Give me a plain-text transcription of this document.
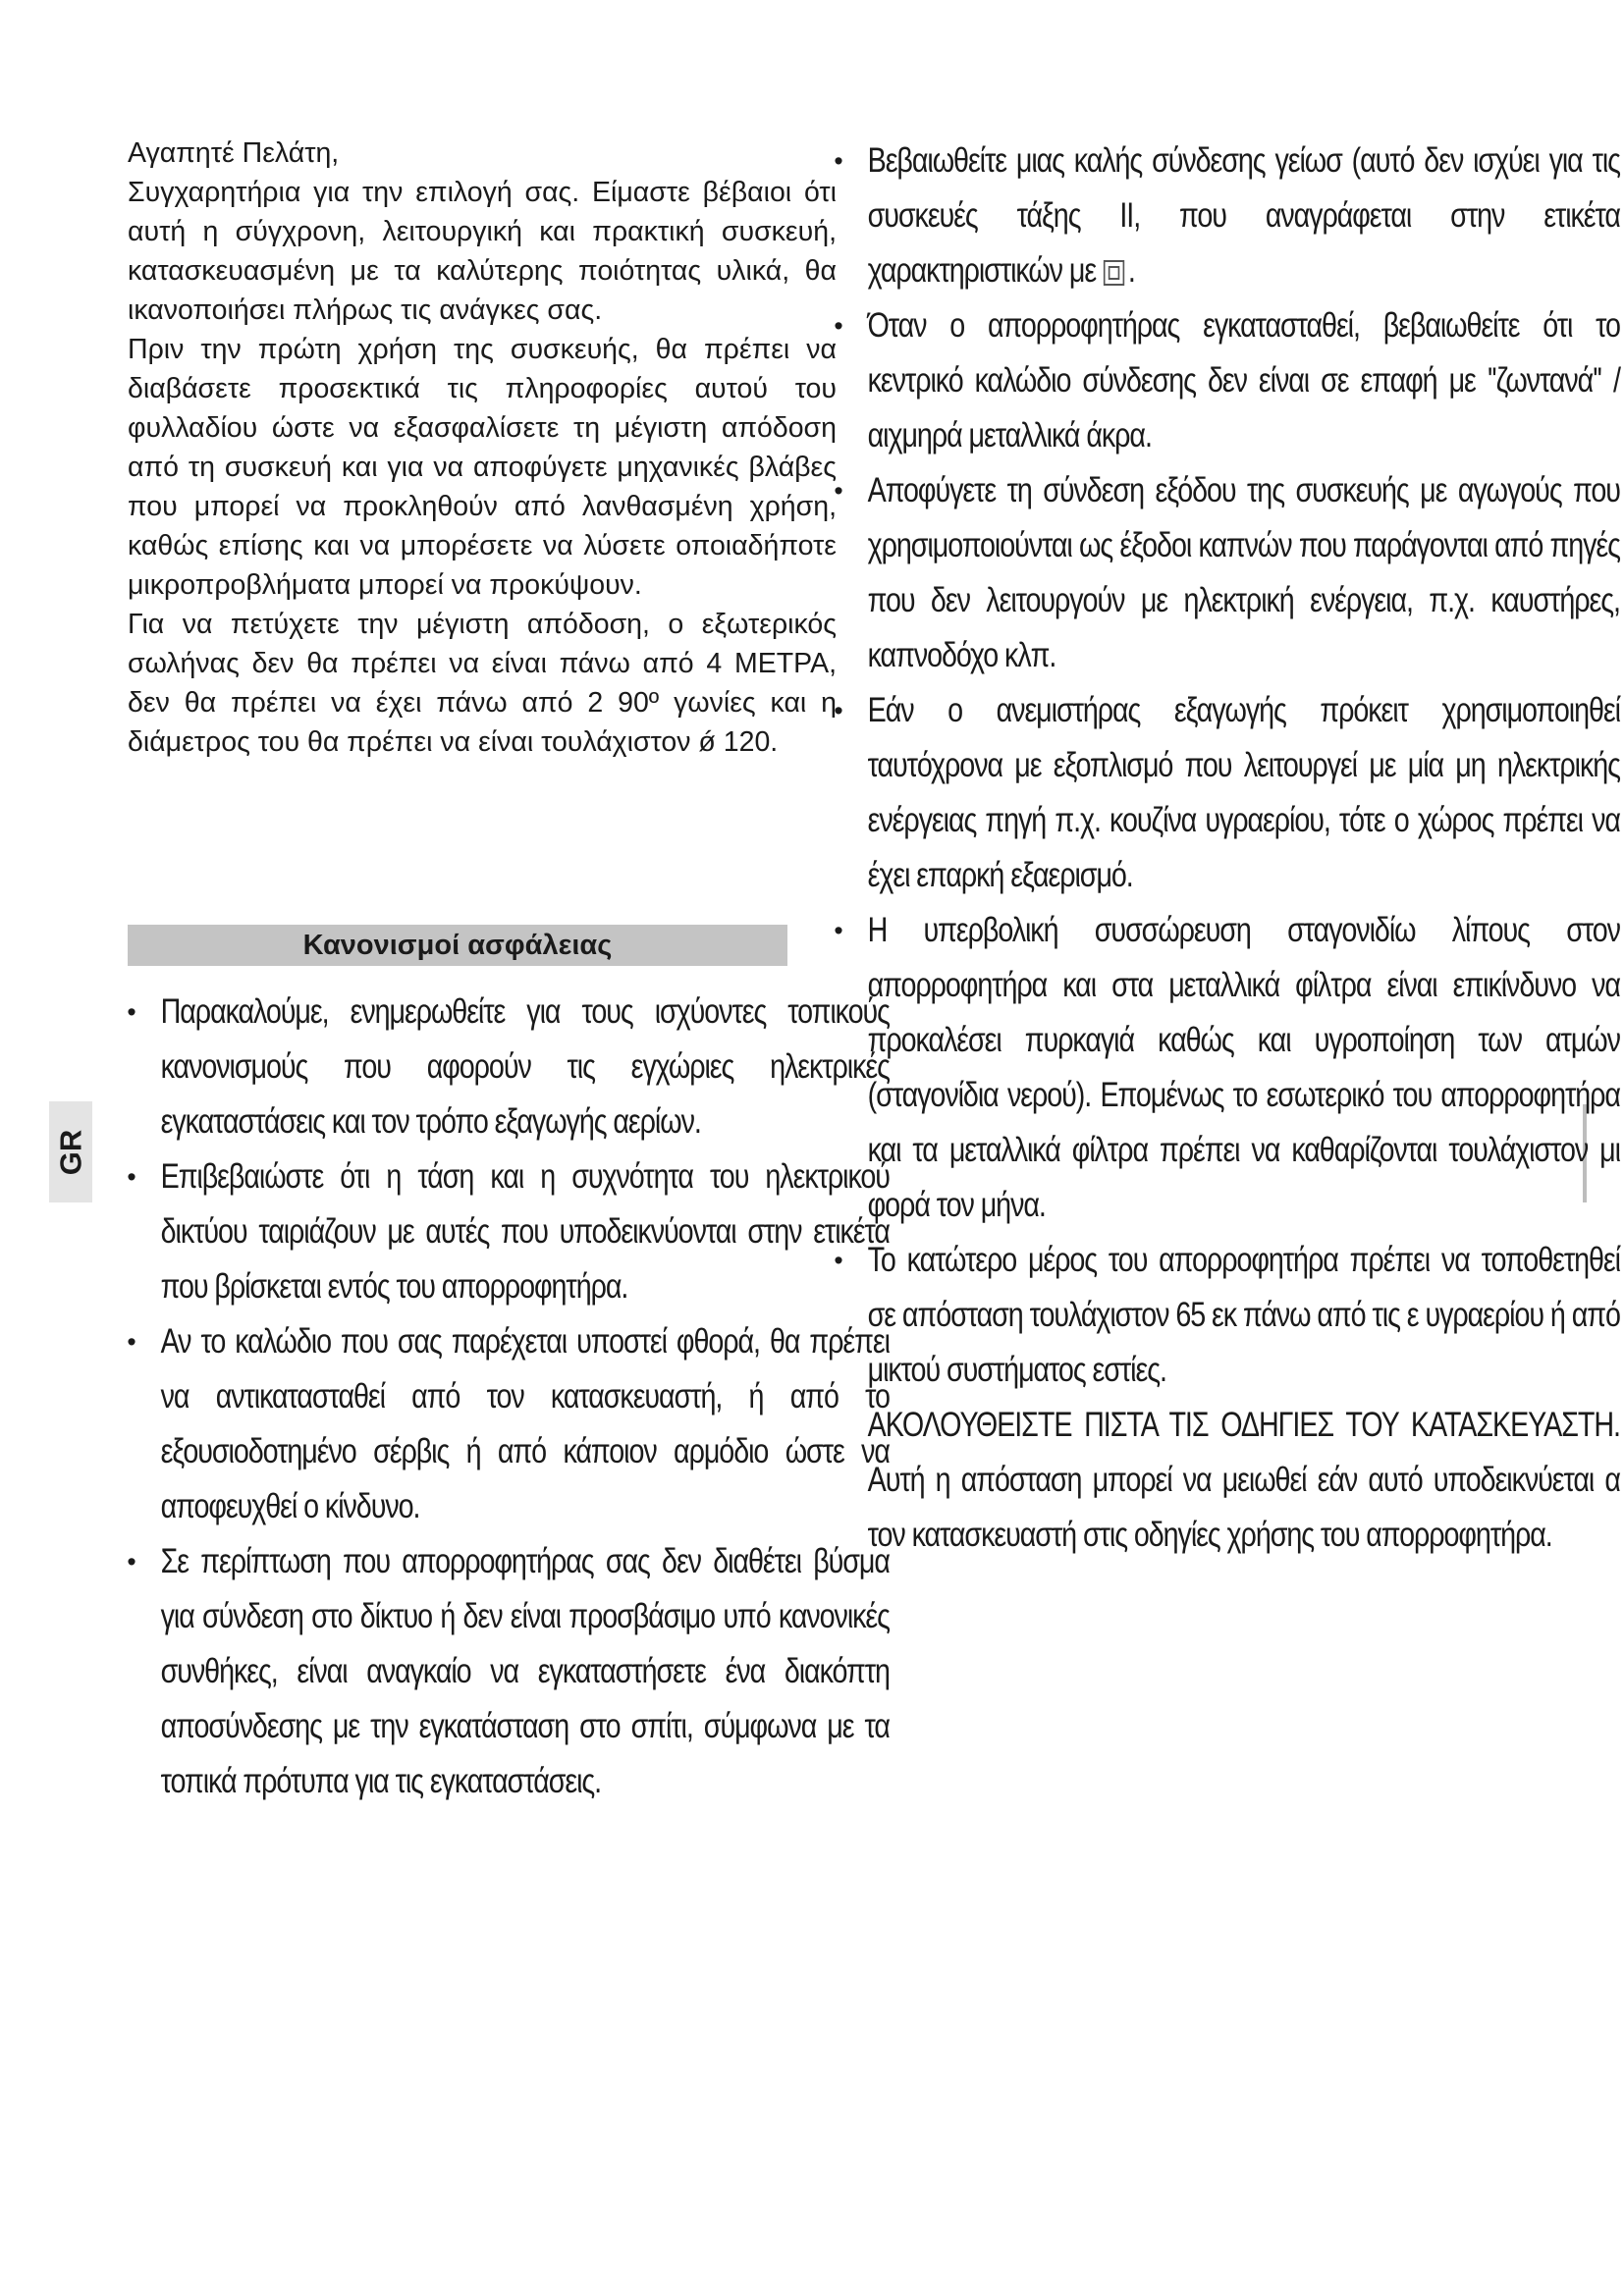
GR

Αγαπητέ Πελάτη,

Συγχαρητήρια για την επιλογή σας. Είμαστε βέβαιοι ότι αυτή η σύγχρονη, λειτουργική και πρακτική συσκευή, κατασκευασμένη με τα καλύτερης ποιότητας υλικά, θα ικανοποιήσει πλήρως τις ανάγκες σας.

Πριν την πρώτη χρήση της συσκευής, θα πρέπει να διαβάσετε προσεκτικά τις πληροφορίες αυτού του φυλλαδίου ώστε να εξασφαλίσετε τη μέγιστη απόδοση από τη συσκευή και για να αποφύγετε μηχανικές βλάβες που μπορεί να προκληθούν από λανθασμένη χρήση, καθώς επίσης και να μπορέσετε να λύσετε οποιαδήποτε μικροπροβλήματα μπορεί να προκύψουν.

Για να πετύχετε την μέγιστη απόδοση, ο εξωτερικός σωλήνας δεν θα πρέπει να είναι πάνω από 4 ΜΕΤΡΑ, δεν θα πρέπει να έχει πάνω από 2 90º γωνίες και η διάμετρος του θα πρέπει να είναι τουλάχιστον ǿ 120.

Κανονισμοί ασφάλειας
• Παρακαλούμε, ενημερωθείτε για τους ισχύοντες τοπικούς κανονισμούς που αφορούν τις εγχώριες ηλεκτρικές εγκαταστάσεις και τον τρόπο εξαγωγής αερίων.

• Επιβεβαιώστε ότι η τάση και η συχνότητα του ηλεκτρικού δικτύου ταιριάζουν με αυτές που υποδεικνύονται στην ετικέτα που βρίσκεται εντός του απορροφητήρα.

• Αν το καλώδιο που σας παρέχεται υποστεί φθορά, θα πρέπει να αντικατασταθεί από τον κατασκευαστή, ή από το εξουσιοδοτημένο σέρβις ή από κάποιον αρμόδιο ώστε να αποφευχθεί ο κίνδυνο.

• Σε περίπτωση που απορροφητήρας σας δεν διαθέτει βύσμα για σύνδεση στο δίκτυο ή δεν είναι προσβάσιμο υπό κανονικές συνθήκες, είναι αναγκαίο να εγκαταστήσετε ένα διακόπτη αποσύνδεσης με την εγκατάσταση στο σπίτι, σύμφωνα με τα τοπικά πρότυπα για τις εγκαταστάσεις.

• Βεβαιωθείτε μιας καλής σύνδεσης γείωσ (αυτό δεν ισχύει για τις συσκευές τάξης ΙΙ, που αναγράφεται στην ετικέτα χαρακτηριστικών με .

• Όταν ο απορροφητήρας εγκατασταθεί, βεβαιωθείτε ότι το κεντρικό καλώδιο σύνδεσης δεν είναι σε επαφή με ''ζωντανά'' / αιχμηρά μεταλλικά άκρα.

• Αποφύγετε τη σύνδεση εξόδου της συσκευής με αγωγούς που χρησιμοποιούνται ως έξοδοι καπνών που παράγονται από πηγές που δεν λειτουργούν με ηλεκτρική ενέργεια, π.χ. καυστήρες, καπνοδόχο κλπ.

• Εάν ο ανεμιστήρας εξαγωγής πρόκειτ χρησιμοποιηθεί ταυτόχρονα με εξοπλισμό που λειτουργεί με μία μη ηλεκτρικής ενέργειας πηγή π.χ. κουζίνα υγραερίου, τότε ο χώρος πρέπει να έχει επαρκή εξαερισμό.

• Η υπερβολική συσσώρευση σταγονιδίω λίπους στον απορροφητήρα και στα μεταλλικά φίλτρα είναι επικίνδυνο να προκαλέσει πυρκαγιά καθώς και υγροποίηση των ατμών (σταγονίδια νερού). Επομένως το εσωτερικό του απορροφητήρα και τα μεταλλικά φίλτρα πρέπει να καθαρίζονται τουλάχιστον μι φορά τον μήνα.

• Το κατώτερο μέρος του απορροφητήρα πρέπει να τοποθετηθεί σε απόσταση τουλάχιστον 65 εκ πάνω από τις ε υγραερίου ή από μικτού συστήματος εστίες.

ΑΚΟΛΟΥΘΕΙΣΤΕ ΠΙΣΤΑ ΤΙΣ ΟΔΗΓΙΕΣ ΤΟΥ ΚΑΤΑΣΚΕΥΑΣΤΗ. Αυτή η απόσταση μπορεί να μειωθεί εάν αυτό υποδεικνύεται α τον κατασκευαστή στις οδηγίες χρήσης του απορροφητήρα.
